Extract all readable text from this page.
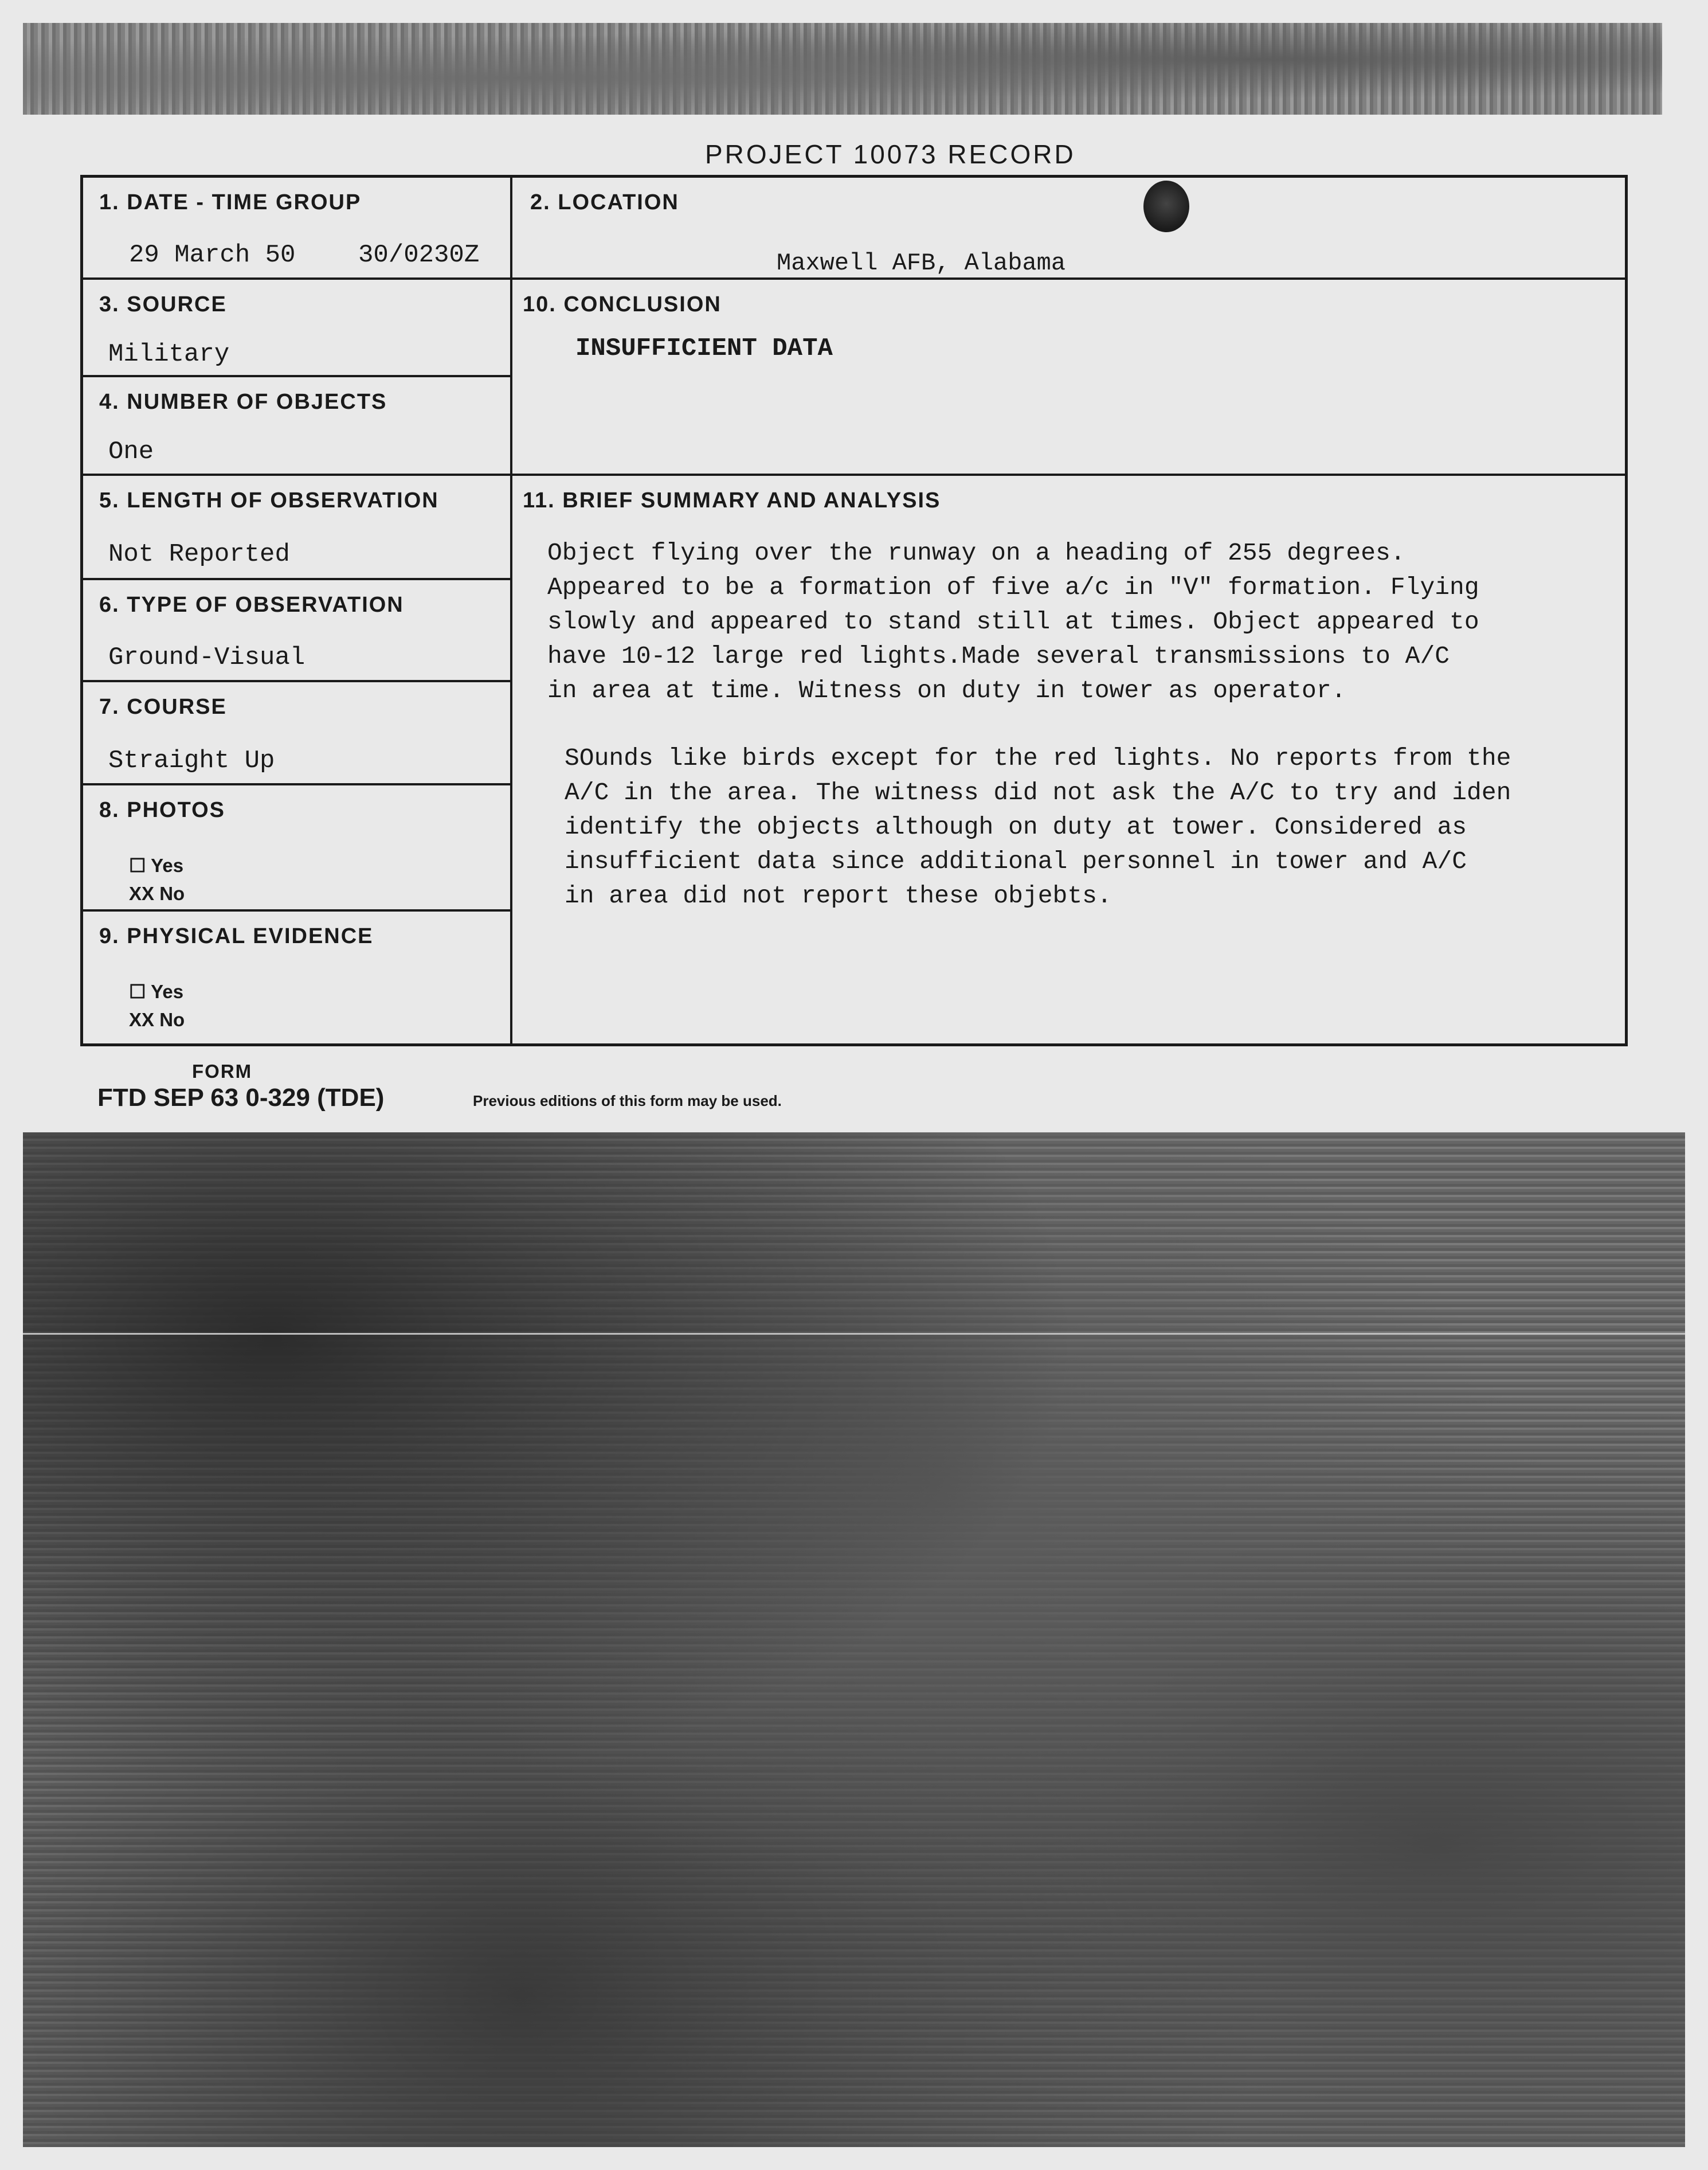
PROJECT 10073 RECORD
1. DATE - TIME GROUP
29 March 50 30/0230Z
2. LOCATION
Maxwell AFB, Alabama
3. SOURCE
Military
4. NUMBER OF OBJECTS
One
5. LENGTH OF OBSERVATION
Not Reported
6. TYPE OF OBSERVATION
Ground-Visual
7. COURSE
Straight Up
8. PHOTOS
☐ Yes
XX No
9. PHYSICAL EVIDENCE
☐ Yes
XX No
10. CONCLUSION
INSUFFICIENT DATA
11. BRIEF SUMMARY AND ANALYSIS
Object flying over the runway on a heading of 255 degrees.
Appeared to be a formation of five a/c in "V" formation. Flying
slowly and appeared to stand still at times. Object appeared to
have 10-12 large red lights.Made several transmissions to A/C
in area at time. Witness on duty in tower as operator.
SOunds like birds except for the red lights. No reports from the
A/C in the area. The witness did not ask the A/C to try and iden
identify the objects although on duty at tower. Considered as
insufficient data since additional personnel in tower and A/C
in area did not report these objebts.
FORM
FTD SEP 63 0-329 (TDE)	Previous editions of this form may be used.
